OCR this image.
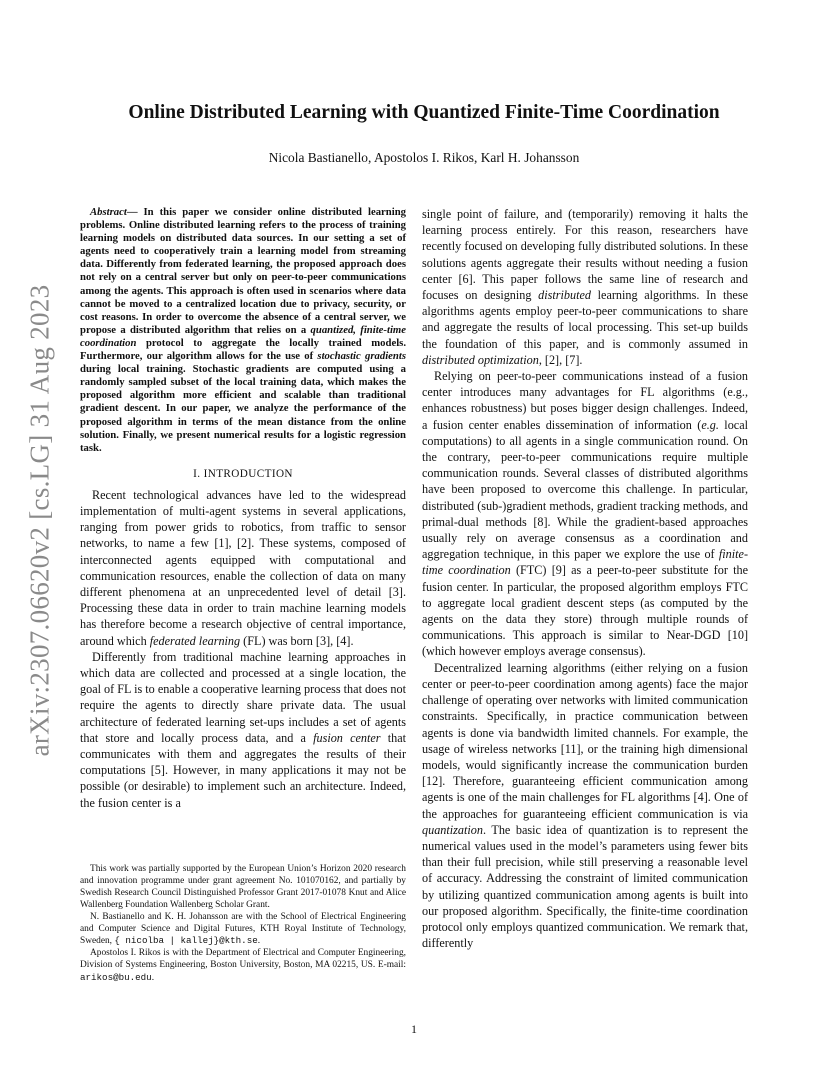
arXiv:2307.06620v2 [cs.LG] 31 Aug 2023
Online Distributed Learning with Quantized Finite-Time Coordination
Nicola Bastianello, Apostolos I. Rikos, Karl H. Johansson

Abstract— In this paper we consider online distributed learning problems. Online distributed learning refers to the process of training learning models on distributed data sources. In our setting a set of agents need to cooperatively train a learning model from streaming data. Differently from federated learning, the proposed approach does not rely on a central server but only on peer-to-peer communications among the agents. This approach is often used in scenarios where data cannot be moved to a centralized location due to privacy, security, or cost reasons. In order to overcome the absence of a central server, we propose a distributed algorithm that relies on a quantized, finite-time coordination protocol to aggregate the locally trained models. Furthermore, our algorithm allows for the use of stochastic gradients during local training. Stochastic gradients are computed using a randomly sampled subset of the local training data, which makes the proposed algorithm more efficient and scalable than traditional gradient descent. In our paper, we analyze the performance of the proposed algorithm in terms of the mean distance from the online solution. Finally, we present numerical results for a logistic regression task.

I. INTRODUCTION

Recent technological advances have led to the widespread implementation of multi-agent systems in several applications, ranging from power grids to robotics, from traffic to sensor networks, to name a few [1], [2]. These systems, composed of interconnected agents equipped with computational and communication resources, enable the collection of data on many different phenomena at an unprecedented level of detail [3]. Processing these data in order to train machine learning models has therefore become a research objective of central importance, around which federated learning (FL) was born [3], [4].

Differently from traditional machine learning approaches in which data are collected and processed at a single location, the goal of FL is to enable a cooperative learning process that does not require the agents to directly share private data. The usual architecture of federated learning set-ups includes a set of agents that store and locally process data, and a fusion center that communicates with them and aggregates the results of their computations [5]. However, in many applications it may not be possible (or desirable) to implement such an architecture. Indeed, the fusion center is a

This work was partially supported by the European Union’s Horizon 2020 research and innovation programme under grant agreement No. 101070162, and partially by Swedish Research Council Distinguished Professor Grant 2017-01078 Knut and Alice Wallenberg Foundation Wallenberg Scholar Grant.

N. Bastianello and K. H. Johansson are with the School of Electrical Engineering and Computer Science and Digital Futures, KTH Royal Institute of Technology, Sweden, { nicolba | kallej}@kth.se.

Apostolos I. Rikos is with the Department of Electrical and Computer Engineering, Division of Systems Engineering, Boston University, Boston, MA 02215, US. E-mail: arikos@bu.edu.

single point of failure, and (temporarily) removing it halts the learning process entirely. For this reason, researchers have recently focused on developing fully distributed solutions. In these solutions agents aggregate their results without needing a fusion center [6]. This paper follows the same line of research and focuses on designing distributed learning algorithms. In these algorithms agents employ peer-to-peer communications to share and aggregate the results of local processing. This set-up builds the foundation of this paper, and is commonly assumed in distributed optimization, [2], [7].

Relying on peer-to-peer communications instead of a fusion center introduces many advantages for FL algorithms (e.g., enhances robustness) but poses bigger design challenges. Indeed, a fusion center enables dissemination of information (e.g. local computations) to all agents in a single communication round. On the contrary, peer-to-peer communications require multiple communication rounds. Several classes of distributed algorithms have been proposed to overcome this challenge. In particular, distributed (sub-)gradient methods, gradient tracking methods, and primal-dual methods [8]. While the gradient-based approaches usually rely on average consensus as a coordination and aggregation technique, in this paper we explore the use of finite-time coordination (FTC) [9] as a peer-to-peer substitute for the fusion center. In particular, the proposed algorithm employs FTC to aggregate local gradient descent steps (as computed by the agents on the data they store) through multiple rounds of communications. This approach is similar to Near-DGD [10] (which however employs average consensus).

Decentralized learning algorithms (either relying on a fusion center or peer-to-peer coordination among agents) face the major challenge of operating over networks with limited communication constraints. Specifically, in practice communication between agents is done via bandwidth limited channels. For example, the usage of wireless networks [11], or the training high dimensional models, would significantly increase the communication burden [12]. Therefore, guaranteeing efficient communication among agents is one of the main challenges for FL algorithms [4]. One of the approaches for guaranteeing efficient communication is via quantization. The basic idea of quantization is to represent the numerical values used in the model’s parameters using fewer bits than their full precision, while still preserving a reasonable level of accuracy. Addressing the constraint of limited communication by utilizing quantized communication among agents is built into our proposed algorithm. Specifically, the finite-time coordination protocol only employs quantized communication. We remark that, differently

1
